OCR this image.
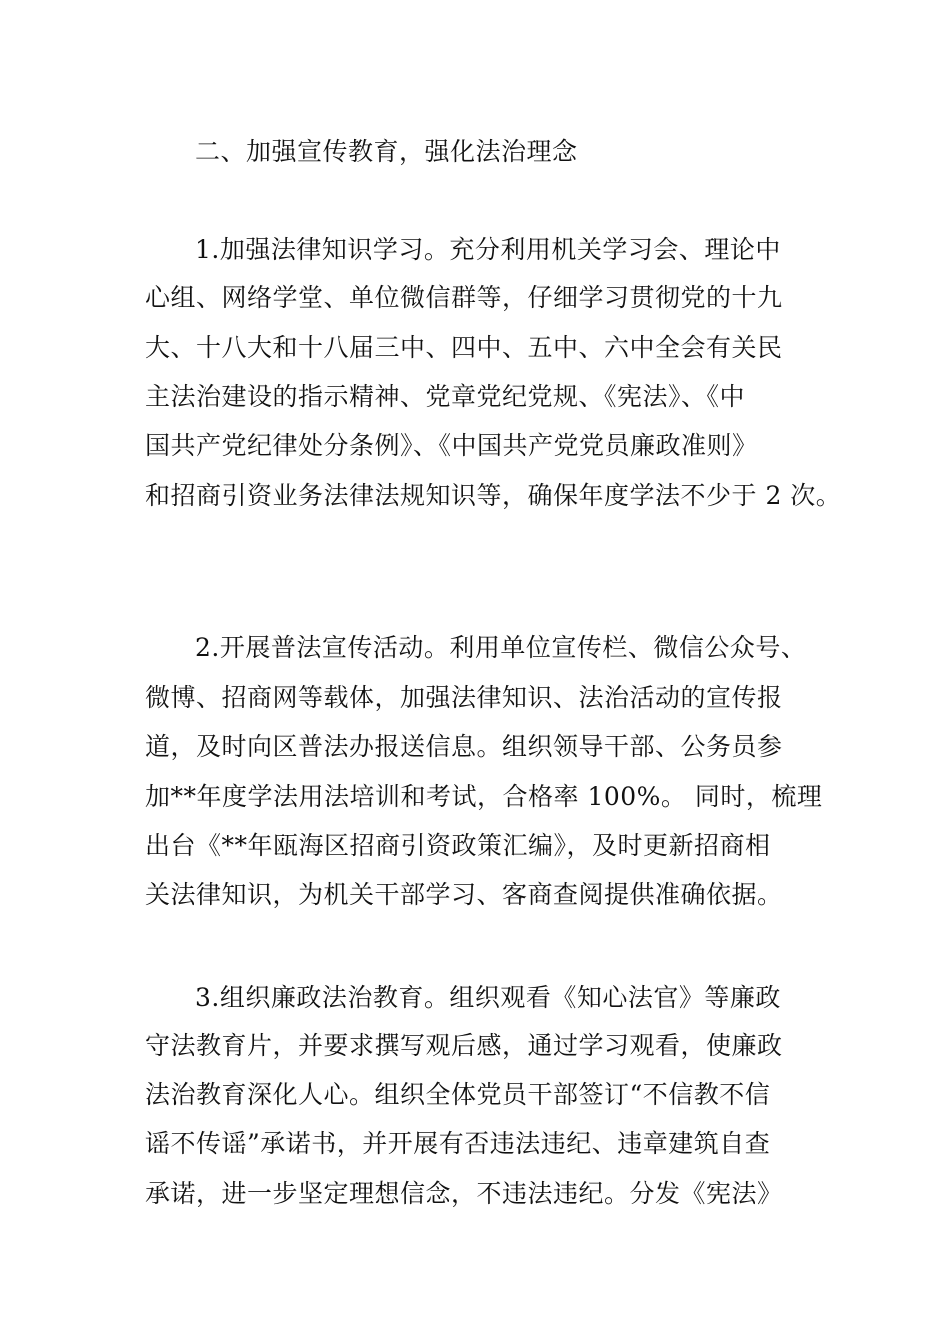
二、加强宣传教育，强化法治理念
1.加强法律知识学习。充分利用机关学习会、理论中
心组、网络学堂、单位微信群等，仔细学习贯彻党的十九
大、十八大和十八届三中、四中、五中、六中全会有关民
主法治建设的指示精神、党章党纪党规、《宪法》、《中
国共产党纪律处分条例》、《中国共产党党员廉政准则》
和招商引资业务法律法规知识等，确保年度学法不少于 2 次。
2.开展普法宣传活动。利用单位宣传栏、微信公众号、
微博、招商网等载体，加强法律知识、法治活动的宣传报
道，及时向区普法办报送信息。组织领导干部、公务员参
加**年度学法用法培训和考试，合格率 100%。 同时，梳理
出台《**年瓯海区招商引资政策汇编》，及时更新招商相
关法律知识，为机关干部学习、客商查阅提供准确依据。
3.组织廉政法治教育。组织观看《知心法官》等廉政
守法教育片，并要求撰写观后感，通过学习观看，使廉政
法治教育深化人心。组织全体党员干部签订“不信教不信
谣不传谣”承诺书，并开展有否违法违纪、违章建筑自查
承诺，进一步坚定理想信念，不违法违纪。分发《宪法》
